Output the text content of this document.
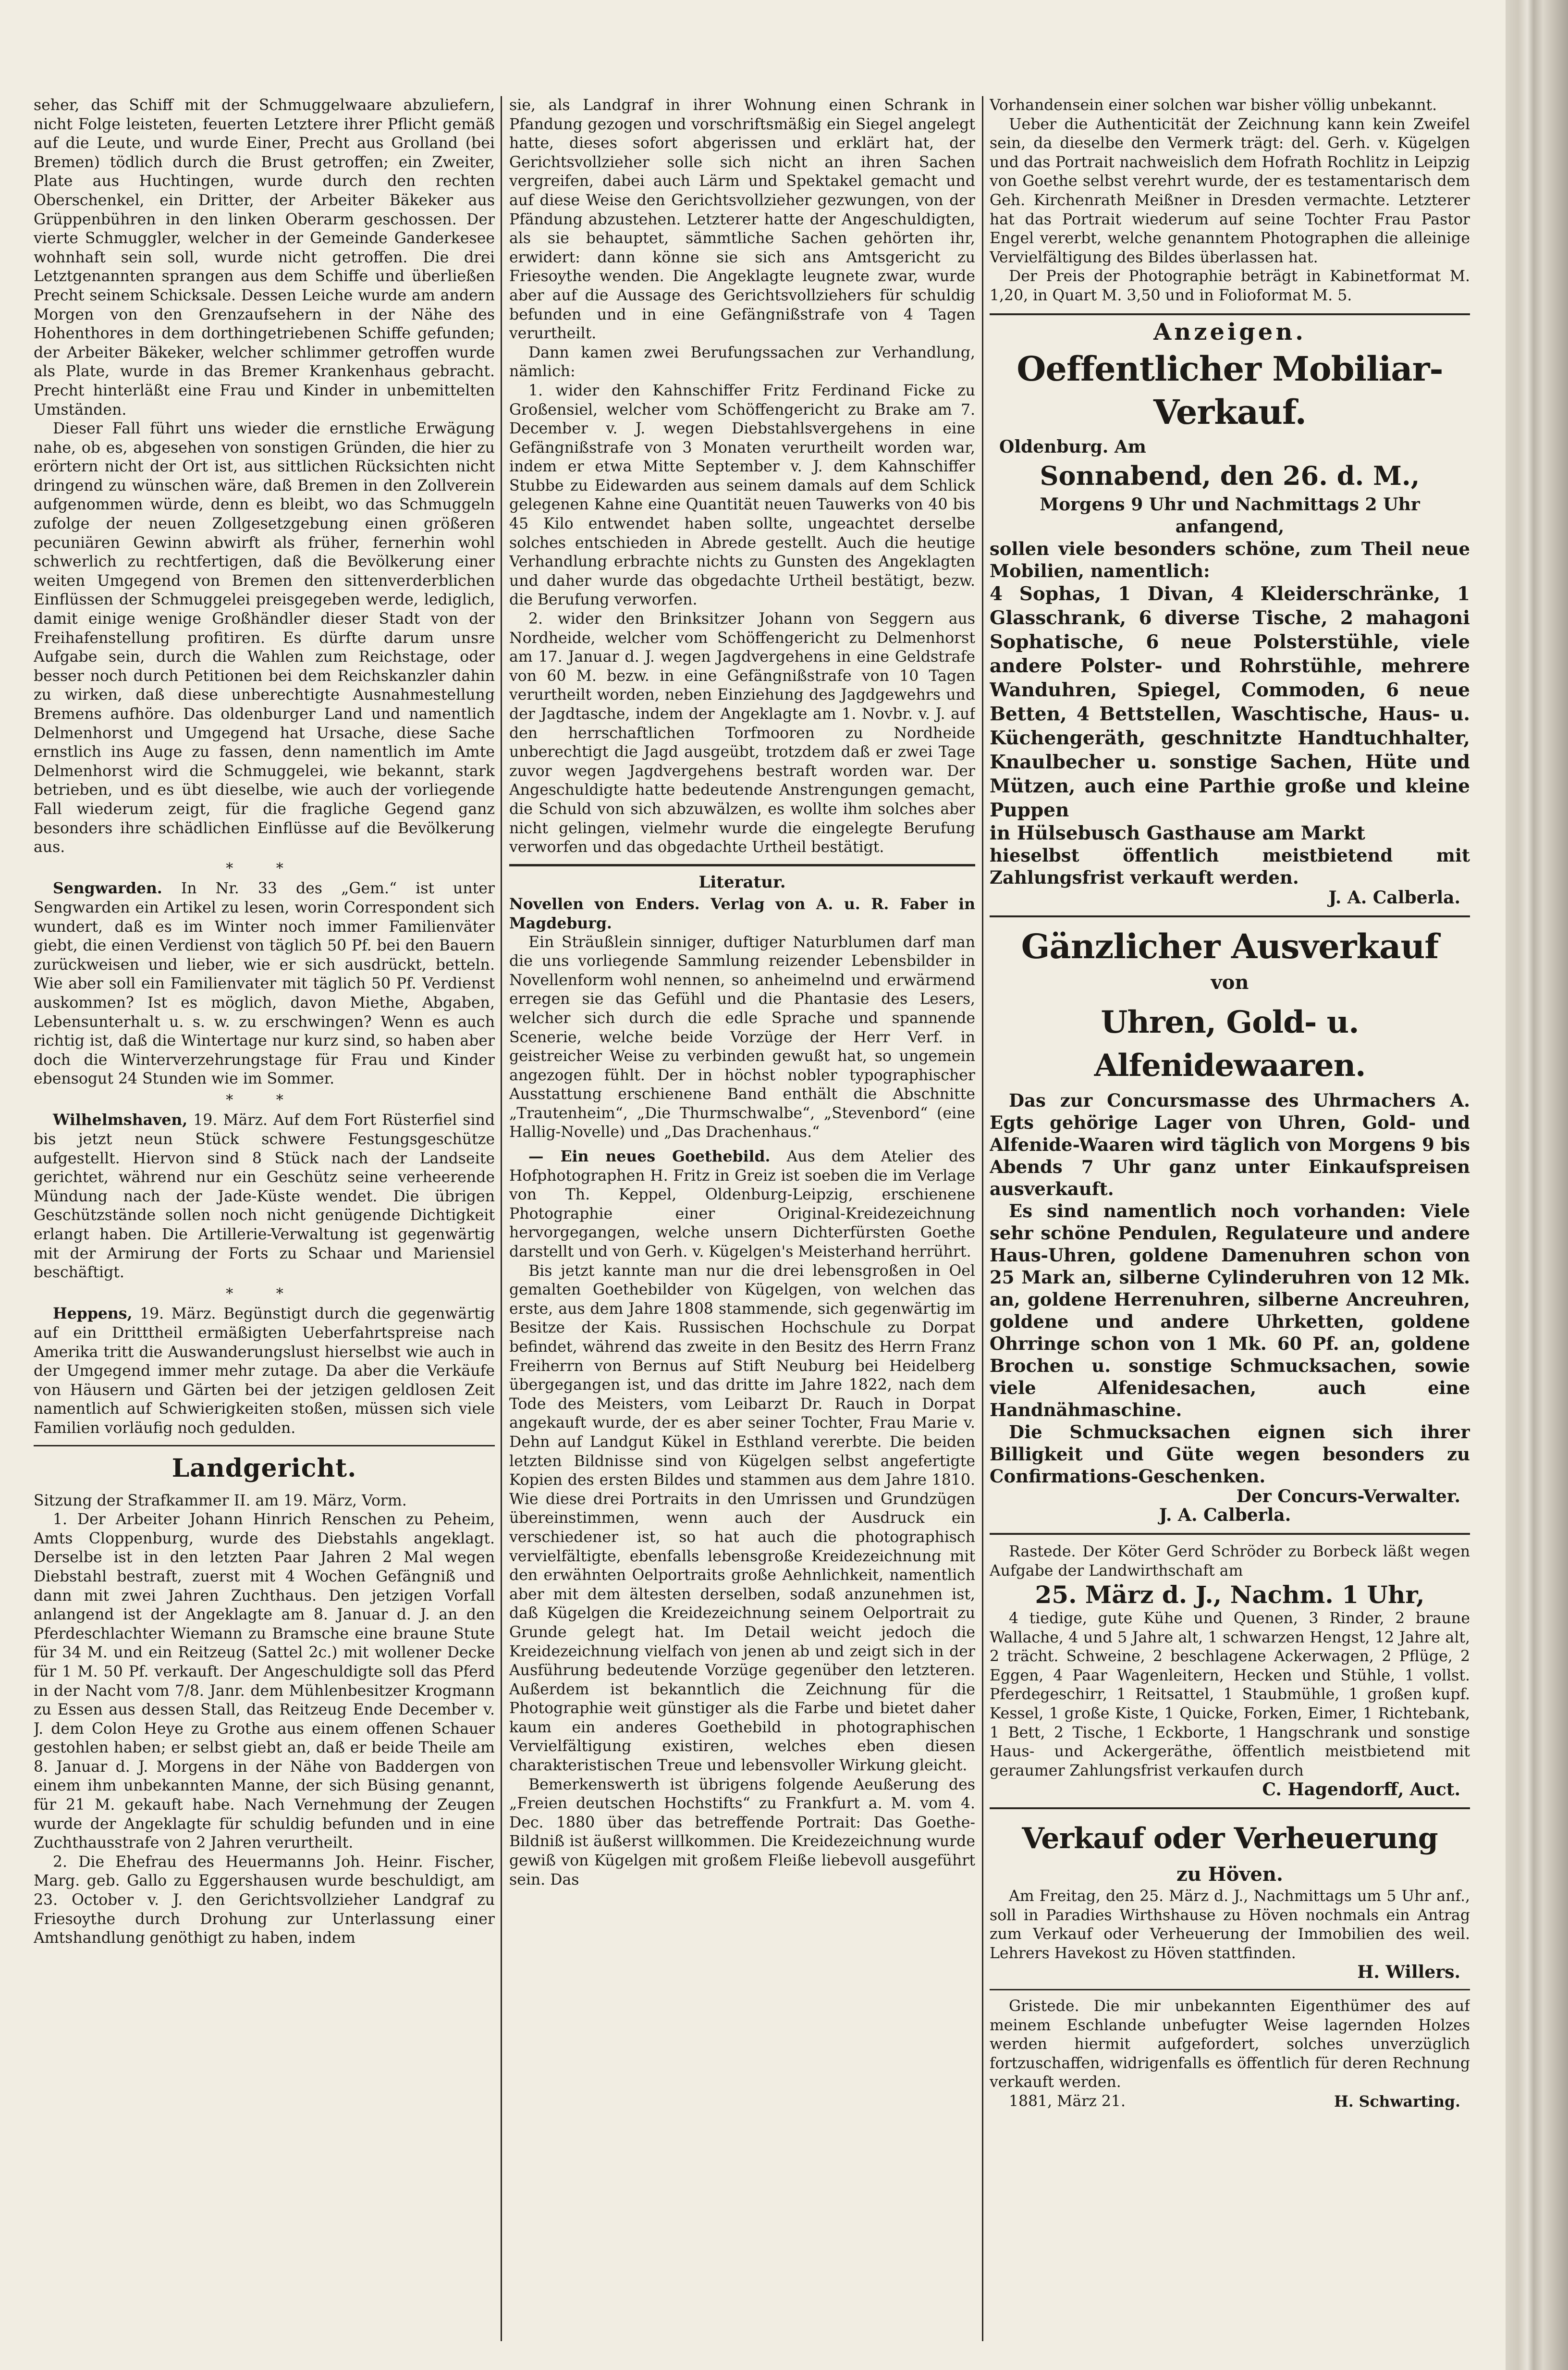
seher, das Schiff mit der Schmuggelwaare abzuliefern, nicht Folge leisteten, feuerten Letztere ihrer Pflicht gemäß auf die Leute, und wurde Einer, Precht aus Grolland (bei Bremen) tödlich durch die Brust getroffen; ein Zweiter, Plate aus Huchtingen, wurde durch den rechten Oberschenkel, ein Dritter, der Arbeiter Bäkeker aus Grüppenbühren in den linken Oberarm geschossen. Der vierte Schmuggler, welcher in der Gemeinde Ganderkesee wohnhaft sein soll, wurde nicht getroffen. Die drei Letztgenannten sprangen aus dem Schiffe und überließen Precht seinem Schicksale. Dessen Leiche wurde am andern Morgen von den Grenzaufsehern in der Nähe des Hohenthores in dem dorthingetriebenen Schiffe gefunden; der Arbeiter Bäkeker, welcher schlimmer getroffen wurde als Plate, wurde in das Bremer Krankenhaus gebracht. Precht hinterläßt eine Frau und Kinder in unbemittelten Umständen.

Dieser Fall führt uns wieder die ernstliche Erwägung nahe, ob es, abgesehen von sonstigen Gründen, die hier zu erörtern nicht der Ort ist, aus sittlichen Rücksichten nicht dringend zu wünschen wäre, daß Bremen in den Zollverein aufgenommen würde, denn es bleibt, wo das Schmuggeln zufolge der neuen Zollgesetzgebung einen größeren pecuniären Gewinn abwirft als früher, fernerhin wohl schwerlich zu rechtfertigen, daß die Bevölkerung einer weiten Umgegend von Bremen den sittenverderblichen Einflüssen der Schmuggelei preisgegeben werde, lediglich, damit einige wenige Großhändler dieser Stadt von der Freihafenstellung profitiren. Es dürfte darum unsre Aufgabe sein, durch die Wahlen zum Reichstage, oder besser noch durch Petitionen bei dem Reichskanzler dahin zu wirken, daß diese unberechtigte Ausnahmestellung Bremens aufhöre. Das oldenburger Land und namentlich Delmenhorst und Umgegend hat Ursache, diese Sache ernstlich ins Auge zu fassen, denn namentlich im Amte Delmenhorst wird die Schmuggelei, wie bekannt, stark betrieben, und es übt dieselbe, wie auch der vorliegende Fall wiederum zeigt, für die fragliche Gegend ganz besonders ihre schädlichen Einflüsse auf die Bevölkerung aus.

* *

Sengwarden. In Nr. 33 des „Gem.“ ist unter Sengwarden ein Artikel zu lesen, worin Correspondent sich wundert, daß es im Winter noch immer Familienväter giebt, die einen Verdienst von täglich 50 Pf. bei den Bauern zurückweisen und lieber, wie er sich ausdrückt, betteln. Wie aber soll ein Familienvater mit täglich 50 Pf. Verdienst auskommen? Ist es möglich, davon Miethe, Abgaben, Lebensunterhalt u. s. w. zu erschwingen? Wenn es auch richtig ist, daß die Wintertage nur kurz sind, so haben aber doch die Winterverzehrungstage für Frau und Kinder ebensogut 24 Stunden wie im Sommer.

* *

Wilhelmshaven, 19. März. Auf dem Fort Rüsterfiel sind bis jetzt neun Stück schwere Festungsgeschütze aufgestellt. Hiervon sind 8 Stück nach der Landseite gerichtet, während nur ein Geschütz seine verheerende Mündung nach der Jade-Küste wendet. Die übrigen Geschützstände sollen noch nicht genügende Dichtigkeit erlangt haben. Die Artillerie-Verwaltung ist gegenwärtig mit der Armirung der Forts zu Schaar und Mariensiel beschäftigt.

* *

Heppens, 19. März. Begünstigt durch die gegenwärtig auf ein Dritttheil ermäßigten Ueberfahrtspreise nach Amerika tritt die Auswanderungslust hierselbst wie auch in der Umgegend immer mehr zutage. Da aber die Verkäufe von Häusern und Gärten bei der jetzigen geldlosen Zeit namentlich auf Schwierigkeiten stoßen, müssen sich viele Familien vorläufig noch gedulden.

Landgericht.

Sitzung der Strafkammer II. am 19. März, Vorm.

1. Der Arbeiter Johann Hinrich Renschen zu Peheim, Amts Cloppenburg, wurde des Diebstahls angeklagt. Derselbe ist in den letzten Paar Jahren 2 Mal wegen Diebstahl bestraft, zuerst mit 4 Wochen Gefängniß und dann mit zwei Jahren Zuchthaus. Den jetzigen Vorfall anlangend ist der Angeklagte am 8. Januar d. J. an den Pferdeschlachter Wiemann zu Bramsche eine braune Stute für 34 M. und ein Reitzeug (Sattel 2c.) mit wollener Decke für 1 M. 50 Pf. verkauft. Der Angeschuldigte soll das Pferd in der Nacht vom 7/8. Janr. dem Mühlenbesitzer Krogmann zu Essen aus dessen Stall, das Reitzeug Ende December v. J. dem Colon Heye zu Grothe aus einem offenen Schauer gestohlen haben; er selbst giebt an, daß er beide Theile am 8. Januar d. J. Morgens in der Nähe von Baddergen von einem ihm unbekannten Manne, der sich Büsing genannt, für 21 M. gekauft habe. Nach Vernehmung der Zeugen wurde der Angeklagte für schuldig befunden und in eine Zuchthausstrafe von 2 Jahren verurtheilt.

2. Die Ehefrau des Heuermanns Joh. Heinr. Fischer, Marg. geb. Gallo zu Eggershausen wurde beschuldigt, am 23. October v. J. den Gerichtsvollzieher Landgraf zu Friesoythe durch Drohung zur Unterlassung einer Amtshandlung genöthigt zu haben, indem

sie, als Landgraf in ihrer Wohnung einen Schrank in Pfandung gezogen und vorschriftsmäßig ein Siegel angelegt hatte, dieses sofort abgerissen und erklärt hat, der Gerichtsvollzieher solle sich nicht an ihren Sachen vergreifen, dabei auch Lärm und Spektakel gemacht und auf diese Weise den Gerichtsvollzieher gezwungen, von der Pfändung abzustehen. Letzterer hatte der Angeschuldigten, als sie behauptet, sämmtliche Sachen gehörten ihr, erwidert: dann könne sie sich ans Amtsgericht zu Friesoythe wenden. Die Angeklagte leugnete zwar, wurde aber auf die Aussage des Gerichtsvollziehers für schuldig befunden und in eine Gefängnißstrafe von 4 Tagen verurtheilt.

Dann kamen zwei Berufungssachen zur Verhandlung, nämlich:

1. wider den Kahnschiffer Fritz Ferdinand Ficke zu Großensiel, welcher vom Schöffengericht zu Brake am 7. December v. J. wegen Diebstahlsvergehens in eine Gefängnißstrafe von 3 Monaten verurtheilt worden war, indem er etwa Mitte September v. J. dem Kahnschiffer Stubbe zu Eidewarden aus seinem damals auf dem Schlick gelegenen Kahne eine Quantität neuen Tauwerks von 40 bis 45 Kilo entwendet haben sollte, ungeachtet derselbe solches entschieden in Abrede gestellt. Auch die heutige Verhandlung erbrachte nichts zu Gunsten des Angeklagten und daher wurde das obgedachte Urtheil bestätigt, bezw. die Berufung verworfen.

2. wider den Brinksitzer Johann von Seggern aus Nordheide, welcher vom Schöffengericht zu Delmenhorst am 17. Januar d. J. wegen Jagdvergehens in eine Geldstrafe von 60 M. bezw. in eine Gefängnißstrafe von 10 Tagen verurtheilt worden, neben Einziehung des Jagdgewehrs und der Jagdtasche, indem der Angeklagte am 1. Novbr. v. J. auf den herrschaftlichen Torfmooren zu Nordheide unberechtigt die Jagd ausgeübt, trotzdem daß er zwei Tage zuvor wegen Jagdvergehens bestraft worden war. Der Angeschuldigte hatte bedeutende Anstrengungen gemacht, die Schuld von sich abzuwälzen, es wollte ihm solches aber nicht gelingen, vielmehr wurde die eingelegte Berufung verworfen und das obgedachte Urtheil bestätigt.

Literatur.

Novellen von Enders. Verlag von A. u. R. Faber in Magdeburg.

Ein Sträußlein sinniger, duftiger Naturblumen darf man die uns vorliegende Sammlung reizender Lebensbilder in Novellenform wohl nennen, so anheimelnd und erwärmend erregen sie das Gefühl und die Phantasie des Lesers, welcher sich durch die edle Sprache und spannende Scenerie, welche beide Vorzüge der Herr Verf. in geistreicher Weise zu verbinden gewußt hat, so ungemein angezogen fühlt. Der in höchst nobler typographischer Ausstattung erschienene Band enthält die Abschnitte „Trautenheim“, „Die Thurmschwalbe“, „Stevenbord“ (eine Hallig-Novelle) und „Das Drachenhaus.“

— Ein neues Goethebild. Aus dem Atelier des Hofphotographen H. Fritz in Greiz ist soeben die im Verlage von Th. Keppel, Oldenburg-Leipzig, erschienene Photographie einer Original-Kreidezeichnung hervorgegangen, welche unsern Dichterfürsten Goethe darstellt und von Gerh. v. Kügelgen's Meisterhand herrührt.

Bis jetzt kannte man nur die drei lebensgroßen in Oel gemalten Goethebilder von Kügelgen, von welchen das erste, aus dem Jahre 1808 stammende, sich gegenwärtig im Besitze der Kais. Russischen Hochschule zu Dorpat befindet, während das zweite in den Besitz des Herrn Franz Freiherrn von Bernus auf Stift Neuburg bei Heidelberg übergegangen ist, und das dritte im Jahre 1822, nach dem Tode des Meisters, vom Leibarzt Dr. Rauch in Dorpat angekauft wurde, der es aber seiner Tochter, Frau Marie v. Dehn auf Landgut Kükel in Esthland vererbte. Die beiden letzten Bildnisse sind von Kügelgen selbst angefertigte Kopien des ersten Bildes und stammen aus dem Jahre 1810. Wie diese drei Portraits in den Umrissen und Grundzügen übereinstimmen, wenn auch der Ausdruck ein verschiedener ist, so hat auch die photographisch vervielfältigte, ebenfalls lebensgroße Kreidezeichnung mit den erwähnten Oelportraits große Aehnlichkeit, namentlich aber mit dem ältesten derselben, sodaß anzunehmen ist, daß Kügelgen die Kreidezeichnung seinem Oelportrait zu Grunde gelegt hat. Im Detail weicht jedoch die Kreidezeichnung vielfach von jenen ab und zeigt sich in der Ausführung bedeutende Vorzüge gegenüber den letzteren. Außerdem ist bekanntlich die Zeichnung für die Photographie weit günstiger als die Farbe und bietet daher kaum ein anderes Goethebild in photographischen Vervielfältigung existiren, welches eben diesen charakteristischen Treue und lebensvoller Wirkung gleicht.

Bemerkenswerth ist übrigens folgende Aeußerung des „Freien deutschen Hochstifts“ zu Frankfurt a. M. vom 4. Dec. 1880 über das betreffende Portrait: Das Goethe-Bildniß ist äußerst willkommen. Die Kreidezeichnung wurde gewiß von Kügelgen mit großem Fleiße liebevoll ausgeführt sein. Das

Vorhandensein einer solchen war bisher völlig unbekannt.

Ueber die Authenticität der Zeichnung kann kein Zweifel sein, da dieselbe den Vermerk trägt: del. Gerh. v. Kügelgen und das Portrait nachweislich dem Hofrath Rochlitz in Leipzig von Goethe selbst verehrt wurde, der es testamentarisch dem Geh. Kirchenrath Meißner in Dresden vermachte. Letzterer hat das Portrait wiederum auf seine Tochter Frau Pastor Engel vererbt, welche genanntem Photographen die alleinige Vervielfältigung des Bildes überlassen hat.

Der Preis der Photographie beträgt in Kabinetformat M. 1,20, in Quart M. 3,50 und in Folioformat M. 5.

Anzeigen.
Oeffentlicher Mobiliar-Verkauf.
Oldenburg. Am
Sonnabend, den 26. d. M.,
Morgens 9 Uhr und Nachmittags 2 Uhr anfangend,
sollen viele besonders schöne, zum Theil neue Mobilien, namentlich:
4 Sophas, 1 Divan, 4 Kleiderschränke, 1 Glasschrank, 6 diverse Tische, 2 mahagoni Sophatische, 6 neue Polsterstühle, viele andere Polster- und Rohrstühle, mehrere Wanduhren, Spiegel, Commoden, 6 neue Betten, 4 Bettstellen, Waschtische, Haus- u. Küchengeräth, geschnitzte Handtuchhalter, Knaulbecher u. sonstige Sachen, Hüte und Mützen, auch eine Parthie große und kleine Puppen
in Hülsebusch Gasthause am Markt
hieselbst öffentlich meistbietend mit Zahlungsfrist verkauft werden.
J. A. Calberla.
Gänzlicher Ausverkauf
von
Uhren, Gold- u. Alfenidewaaren.
Das zur Concursmasse des Uhrmachers A. Egts gehörige Lager von Uhren, Gold- und Alfenide-Waaren wird täglich von Morgens 9 bis Abends 7 Uhr ganz unter Einkaufspreisen ausverkauft.
Es sind namentlich noch vorhanden: Viele sehr schöne Pendulen, Regulateure und andere Haus-Uhren, goldene Damenuhren schon von 25 Mark an, silberne Cylinderuhren von 12 Mk. an, goldene Herrenuhren, silberne Ancreuhren, goldene und andere Uhrketten, goldene Ohrringe schon von 1 Mk. 60 Pf. an, goldene Brochen u. sonstige Schmucksachen, sowie viele Alfenidesachen, auch eine Handnähmaschine.
Die Schmucksachen eignen sich ihrer Billigkeit und Güte wegen besonders zu Confirmations-Geschenken.
Der Concurs-Verwalter.
J. A. Calberla.

Rastede. Der Köter Gerd Schröder zu Borbeck läßt wegen Aufgabe der Landwirthschaft am

25. März d. J., Nachm. 1 Uhr,

4 tiedige, gute Kühe und Quenen, 3 Rinder, 2 braune Wallache, 4 und 5 Jahre alt, 1 schwarzen Hengst, 12 Jahre alt, 2 trächt. Schweine, 2 beschlagene Ackerwagen, 2 Pflüge, 2 Eggen, 4 Paar Wagenleitern, Hecken und Stühle, 1 vollst. Pferdegeschirr, 1 Reitsattel, 1 Staubmühle, 1 großen kupf. Kessel, 1 große Kiste, 1 Quicke, Forken, Eimer, 1 Richtebank, 1 Bett, 2 Tische, 1 Eckborte, 1 Hangschrank und sonstige Haus- und Ackergeräthe, öffentlich meistbietend mit geraumer Zahlungsfrist verkaufen durch

C. Hagendorff, Auct.
Verkauf oder Verheuerung
zu Höven.

Am Freitag, den 25. März d. J., Nachmittags um 5 Uhr anf., soll in Paradies Wirthshause zu Höven nochmals ein Antrag zum Verkauf oder Verheuerung der Immobilien des weil. Lehrers Havekost zu Höven stattfinden.

H. Willers.

Gristede. Die mir unbekannten Eigenthümer des auf meinem Eschlande unbefugter Weise lagernden Holzes werden hiermit aufgefordert, solches unverzüglich fortzuschaffen, widrigenfalls es öffentlich für deren Rechnung verkauft werden.

1881, März 21.	H. Schwarting.
